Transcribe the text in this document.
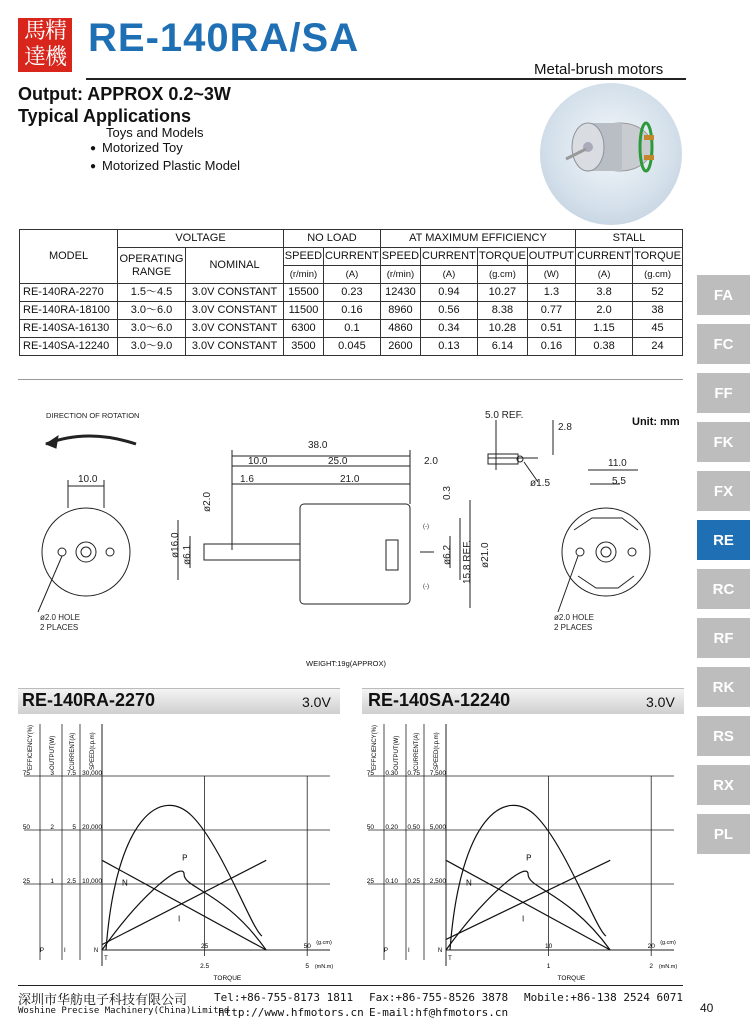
馬精
達機 RE-140RA/SA
Metal-brush motors
Output: APPROX 0.2~3W
Typical Applications
Toys and Models
● Motorized Toy
● Motorized Plastic Model
MODEL	VOLTAGE		NO LOAD		AT MAXIMUM EFFICIENCY				STALL	
	OPERATING
RANGE	NOMINAL	SPEED	CURRENT	SPEED	CURRENT	TORQUE	OUTPUT	CURRENT	TORQUE
			(r/min)	(A)	(r/min)	(A)	(g.cm)	(W)	(A)	(g.cm)
RE-140RA-2270	1.5～4.5	3.0V CONSTANT	15500	0.23	12430	0.94	10.27	1.3	3.8	52
RE-140RA-18100	3.0～6.0	3.0V CONSTANT	11500	0.16	8960	0.56	8.38	0.77	2.0	38
RE-140SA-16130	3.0～6.0	3.0V CONSTANT	6300	0.1	4860	0.34	10.28	0.51	1.15	45
RE-140SA-12240	3.0～9.0	3.0V CONSTANT	3500	0.045	2600	0.13	6.14	0.16	0.38	24
FA
FC
FF
FK
FX
RE
RC
RF
RK
RS
RX
PL
Unit: mm
DIRECTION OF ROTATION
10.0
38.0
10.0	25.0	2.0
1.6	21.0
5.0 REF.
2.8
ø1.5
11.0
5.5
(-)
(-)
ø16.0 ø6.1
ø2.0	0.3
ø6.2 15.8 REF. ø21.0
ø2.0 HOLE
2 PLACES
ø2.0 HOLE
2 PLACES
WEIGHT:19g(APPROX)
RE-140RA-2270	3.0V RE-140SA-12240	3.0V
EFFICIENCY(%)	OUTPUT(W) CURRENT(A) SPEED(r.p.m)
75
50
25
3
2
1
7.5
5
2.5
30,000
20,000
10,000
25	50
2.5	5
(g.cm)
(mN.m)
TORQUE
N
T
P
N
I
P	I
EFFICIENCY(%)	OUTPUT(W) CURRENT(A) SPEED(r.p.m)
75
50
25
0.30
0.20
0.10
0.75
0.50
0.25
7,500
5,000
2,500
10	20
1	2
(g.cm)
(mN.m)
TORQUE
N
T
P
N
I
P	I
深圳市华舫电子科技有限公司
Woshine Precise Machinery(China)Limited
Tel:+86-755-8173 1811
http://www.hfmotors.cn
Fax:+86-755-8526 3878
E-mail:hf@hfmotors.cn
Mobile:+86-138 2524 6071
40
